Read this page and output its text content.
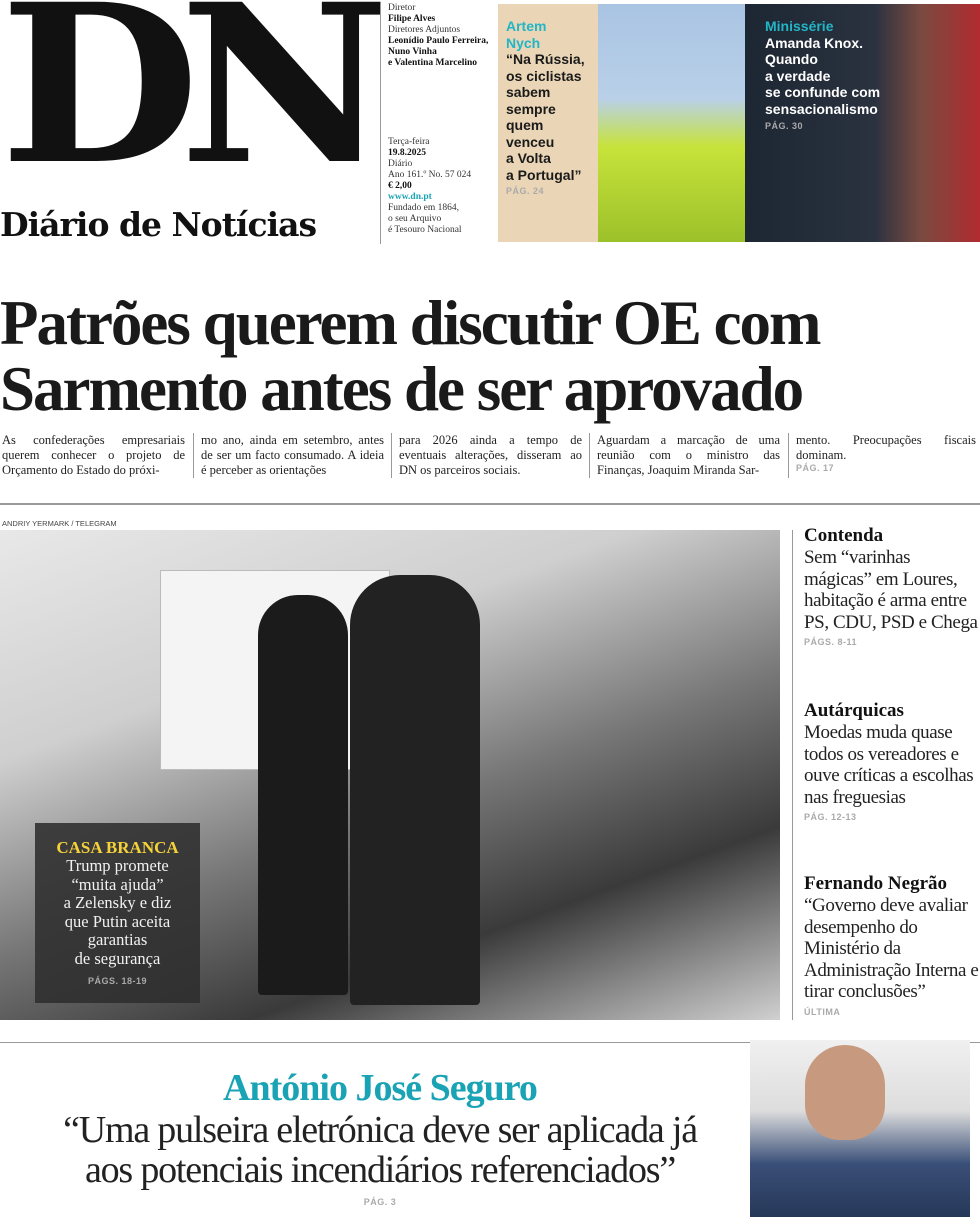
DN
Diário de Notícias
Diretor
Filipe Alves
Diretores Adjuntos
Leonídio Paulo Ferreira,
Nuno Vinha
e Valentina Marcelino
Terça-feira
19.8.2025
Diário
Ano 161.º No. 57 024
€ 2,00
www.dn.pt
Fundado em 1864,
o seu Arquivo
é Tesouro Nacional
Artem
Nych
“Na Rússia,
os ciclistas
sabem
sempre
quem
venceu
a Volta
a Portugal”
PÁG. 24
Minissérie
Amanda Knox.
Quando
a verdade
se confunde com
sensacionalismo
PÁG. 30
Patrões querem discutir OE com
Sarmento antes de ser aprovado
As confederações empresariais querem conhecer o projeto de Orçamento do Estado do próxi-
mo ano, ainda em setembro, antes de ser um facto consumado. A ideia é perceber as orientações
para 2026 ainda a tempo de eventuais alterações, disseram ao DN os parceiros sociais.
Aguardam a marcação de uma reunião com o ministro das Finanças, Joaquim Miranda Sar-
mento. Preocupações fiscais dominam.
PÁG. 17
ANDRIY YERMARK / TELEGRAM
CASA BRANCA
Trump promete
“muita ajuda”
a Zelensky e diz
que Putin aceita
garantias
de segurança
PÁGS. 18-19
Contenda

Sem “varinhas mágicas” em Loures, habitação é arma entre PS, CDU, PSD e Chega

PÁGS. 8-11
Autárquicas

Moedas muda quase todos os vereadores e ouve críticas a escolhas nas freguesias

PÁG. 12-13
Fernando Negrão

“Governo deve avaliar desempenho do Ministério da Administração Interna e tirar conclusões”

ÚLTIMA
António José Seguro
“Uma pulseira eletrónica deve ser aplicada já
aos potenciais incendiários referenciados”
PÁG. 3
